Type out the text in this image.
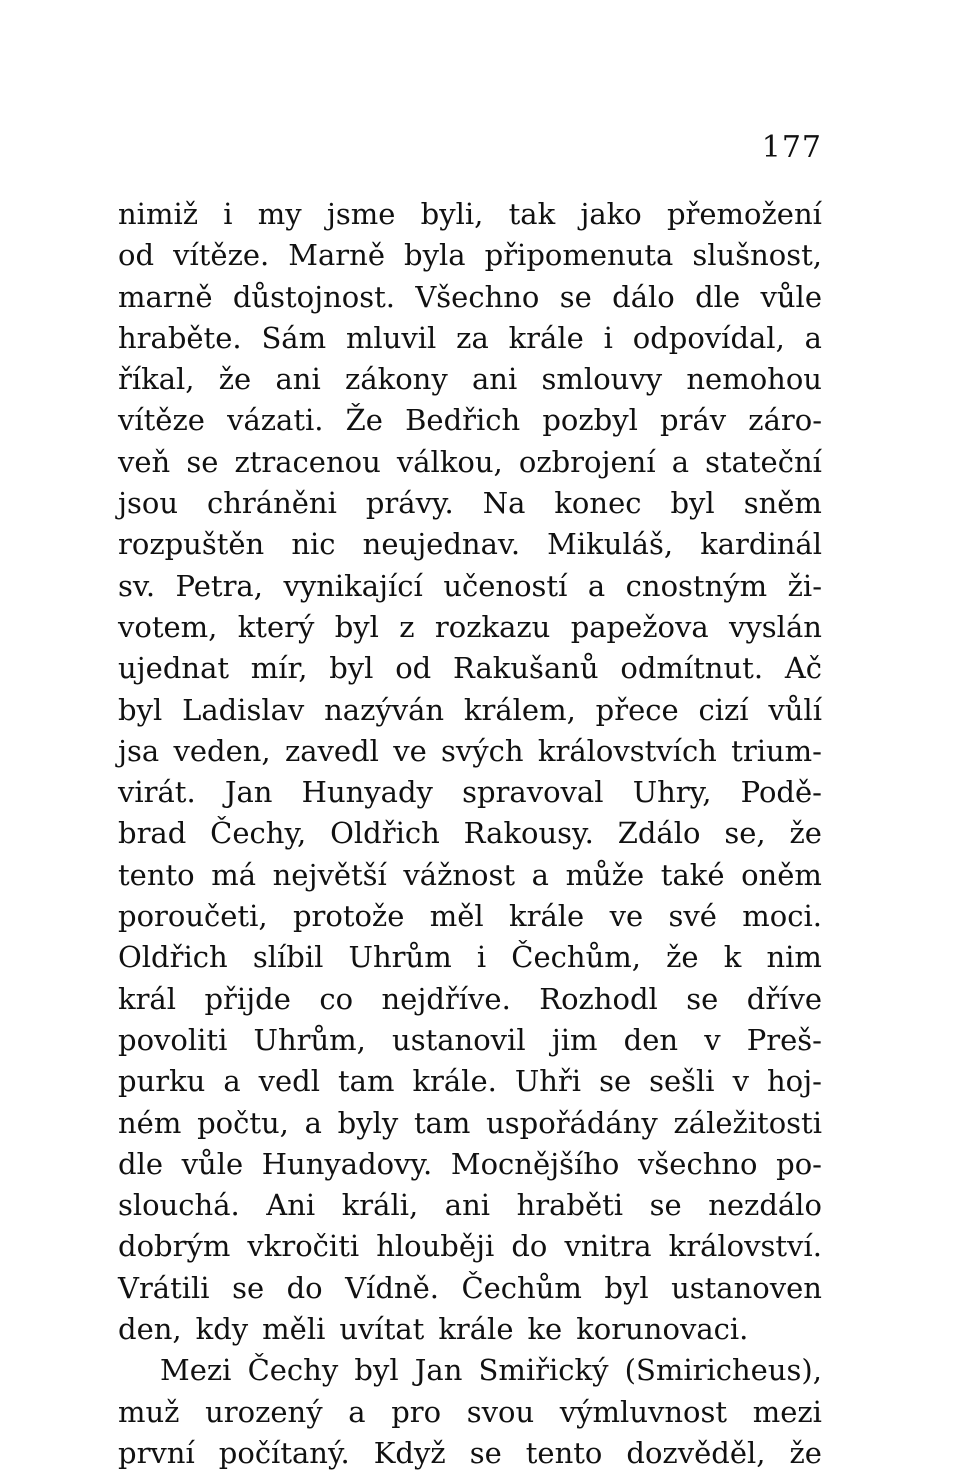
177
nimiž i my jsme byli, tak jako přemožení
od vítěze. Marně byla připomenuta slušnost,
marně důstojnost. Všechno se dálo dle vůle
hraběte. Sám mluvil za krále i odpovídal, a
říkal, že ani zákony ani smlouvy nemohou
vítěze vázati. Že Bedřich pozbyl práv záro-
veň se ztracenou válkou, ozbrojení a stateční
jsou chráněni právy. Na konec byl sněm
rozpuštěn nic neujednav. Mikuláš, kardinál
sv. Petra, vynikající učeností a cnostným ži-
votem, který byl z rozkazu papežova vyslán
ujednat mír, byl od Rakušanů odmítnut. Ač
byl Ladislav nazýván králem, přece cizí vůlí
jsa veden, zavedl ve svých královstvích trium-
virát. Jan Hunyady spravoval Uhry, Podě-
brad Čechy, Oldřich Rakousy. Zdálo se, že
tento má největší vážnost a může také oněm
poroučeti, protože měl krále ve své moci.
Oldřich slíbil Uhrům i Čechům, že k nim
král přijde co nejdříve. Rozhodl se dříve
povoliti Uhrům, ustanovil jim den v Preš-
purku a vedl tam krále. Uhři se sešli v hoj-
ném počtu, a byly tam uspořádány záležitosti
dle vůle Hunyadovy. Mocnějšího všechno po-
slouchá. Ani králi, ani hraběti se nezdálo
dobrým vkročiti hlouběji do vnitra království.
Vrátili se do Vídně. Čechům byl ustanoven
den, kdy měli uvítat krále ke korunovaci.
Mezi Čechy byl Jan Smiřický (Smiricheus),
muž urozený a pro svou výmluvnost mezi
první počítaný. Když se tento dozvěděl, že
